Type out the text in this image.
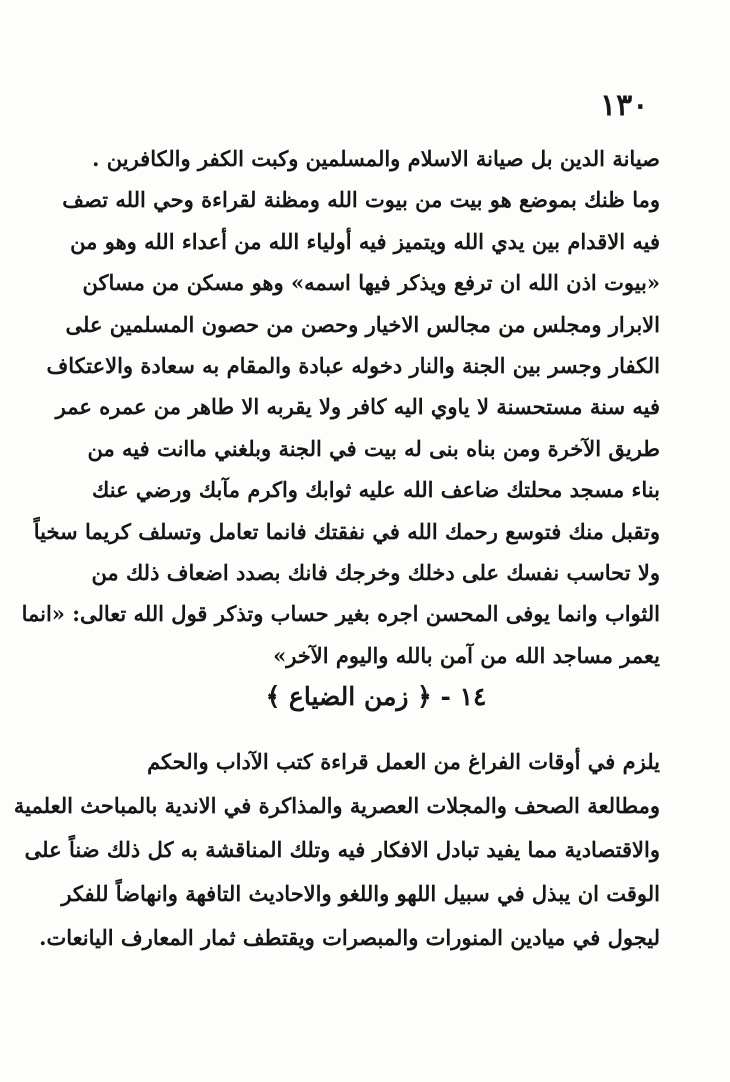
١٣٠
صيانة الدين بل صيانة الاسلام والمسلمين وكبت الكفر والكافرين .
وما ظنك بموضع هو بيت من بيوت الله ومظنة لقراءة وحي الله تصف
فيه الاقدام بين يدي الله ويتميز فيه أولياء الله من أعداء الله وهو من
«بيوت اذن الله ان ترفع ويذكر فيها اسمه» وهو مسكن من مساكن
الابرار ومجلس من مجالس الاخيار وحصن من حصون المسلمين على
الكفار وجسر بين الجنة والنار دخوله عبادة والمقام به سعادة والاعتكاف
فيه سنة مستحسنة لا ياوي اليه كافر ولا يقربه الا طاهر من عمره عمر
طريق الآخرة ومن بناه بنى له بيت في الجنة وبلغني ماانت فيه من
بناء مسجد محلتك ضاعف الله عليه ثوابك واكرم مآبك ورضي عنك
وتقبل منك فتوسع رحمك الله في نفقتك فانما تعامل وتسلف كريما سخياً
ولا تحاسب نفسك على دخلك وخرجك فانك بصدد اضعاف ذلك من
الثواب وانما يوفى المحسن اجره بغير حساب وتذكر قول الله تعالى: «انما
يعمر مساجد الله من آمن بالله واليوم الآخر»
١٤ - ﴿ زمن الضياع ﴾
يلزم في أوقات الفراغ من العمل قراءة كتب الآداب والحكم
ومطالعة الصحف والمجلات العصرية والمذاكرة في الاندية بالمباحث العلمية
والاقتصادية مما يفيد تبادل الافكار فيه وتلك المناقشة به كل ذلك ضناً على
الوقت ان يبذل في سبيل اللهو واللغو والاحاديث التافهة وانهاضاً للفكر
ليجول في ميادين المنورات والمبصرات ويقتطف ثمار المعارف اليانعات.
